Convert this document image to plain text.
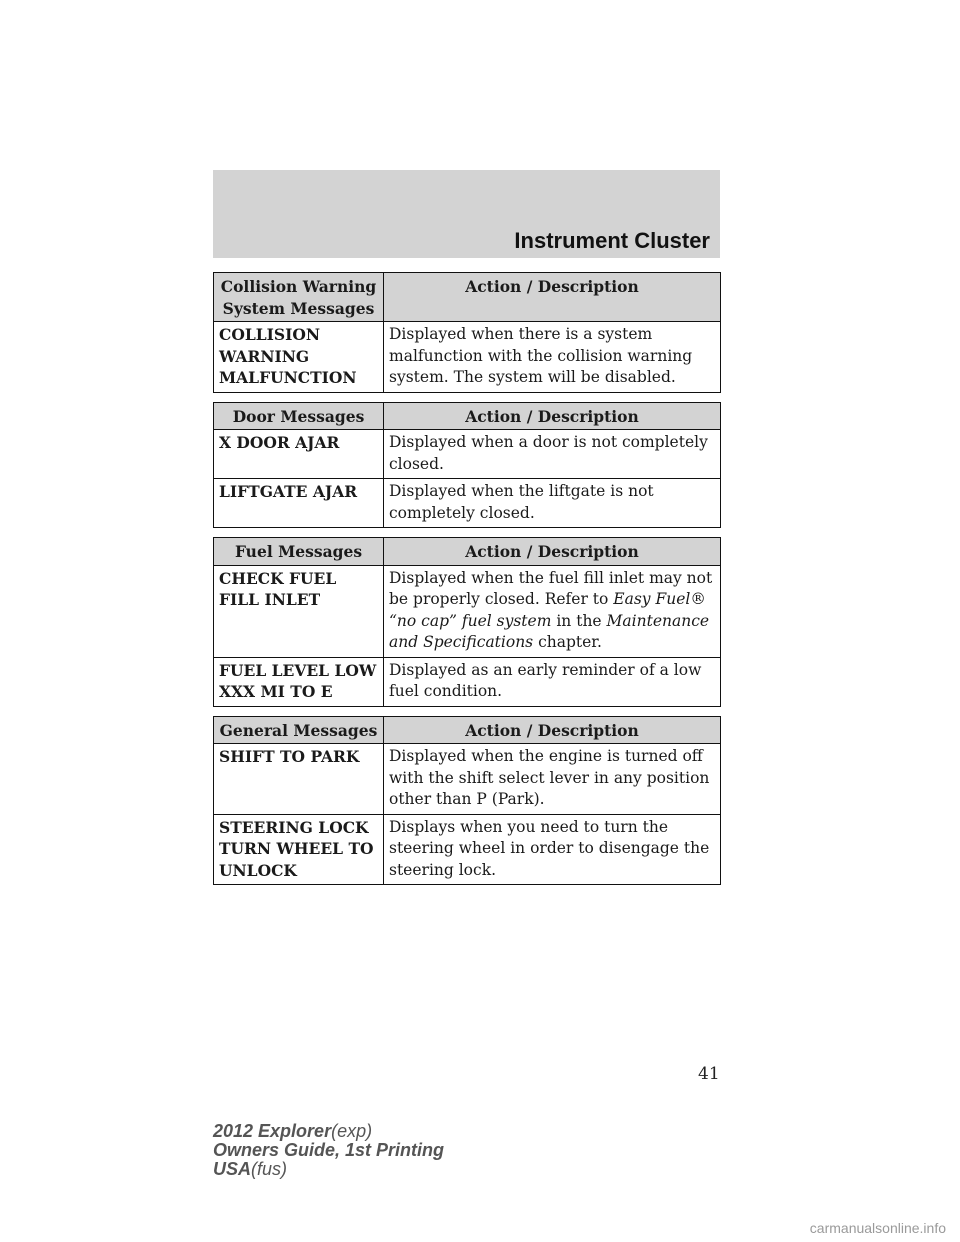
Instrument Cluster
Collision Warning System Messages	Action / Description
COLLISION WARNING MALFUNCTION	Displayed when there is a system malfunction with the collision warning system. The system will be disabled.
Door Messages	Action / Description
X DOOR AJAR	Displayed when a door is not completely closed.
LIFTGATE AJAR	Displayed when the liftgate is not completely closed.
Fuel Messages	Action / Description
CHECK FUEL FILL INLET	Displayed when the fuel fill inlet may not be properly closed. Refer to Easy Fuel® “no cap” fuel system in the Maintenance and Specifications chapter.
FUEL LEVEL LOW XXX MI TO E	Displayed as an early reminder of a low fuel condition.
General Messages	Action / Description
SHIFT TO PARK	Displayed when the engine is turned off with the shift select lever in any position other than P (Park).
STEERING LOCK TURN WHEEL TO UNLOCK	Displays when you need to turn the steering wheel in order to disengage the steering lock.
41
2012 Explorer(exp)
Owners Guide, 1st Printing
USA(fus)
carmanualsonline.info
